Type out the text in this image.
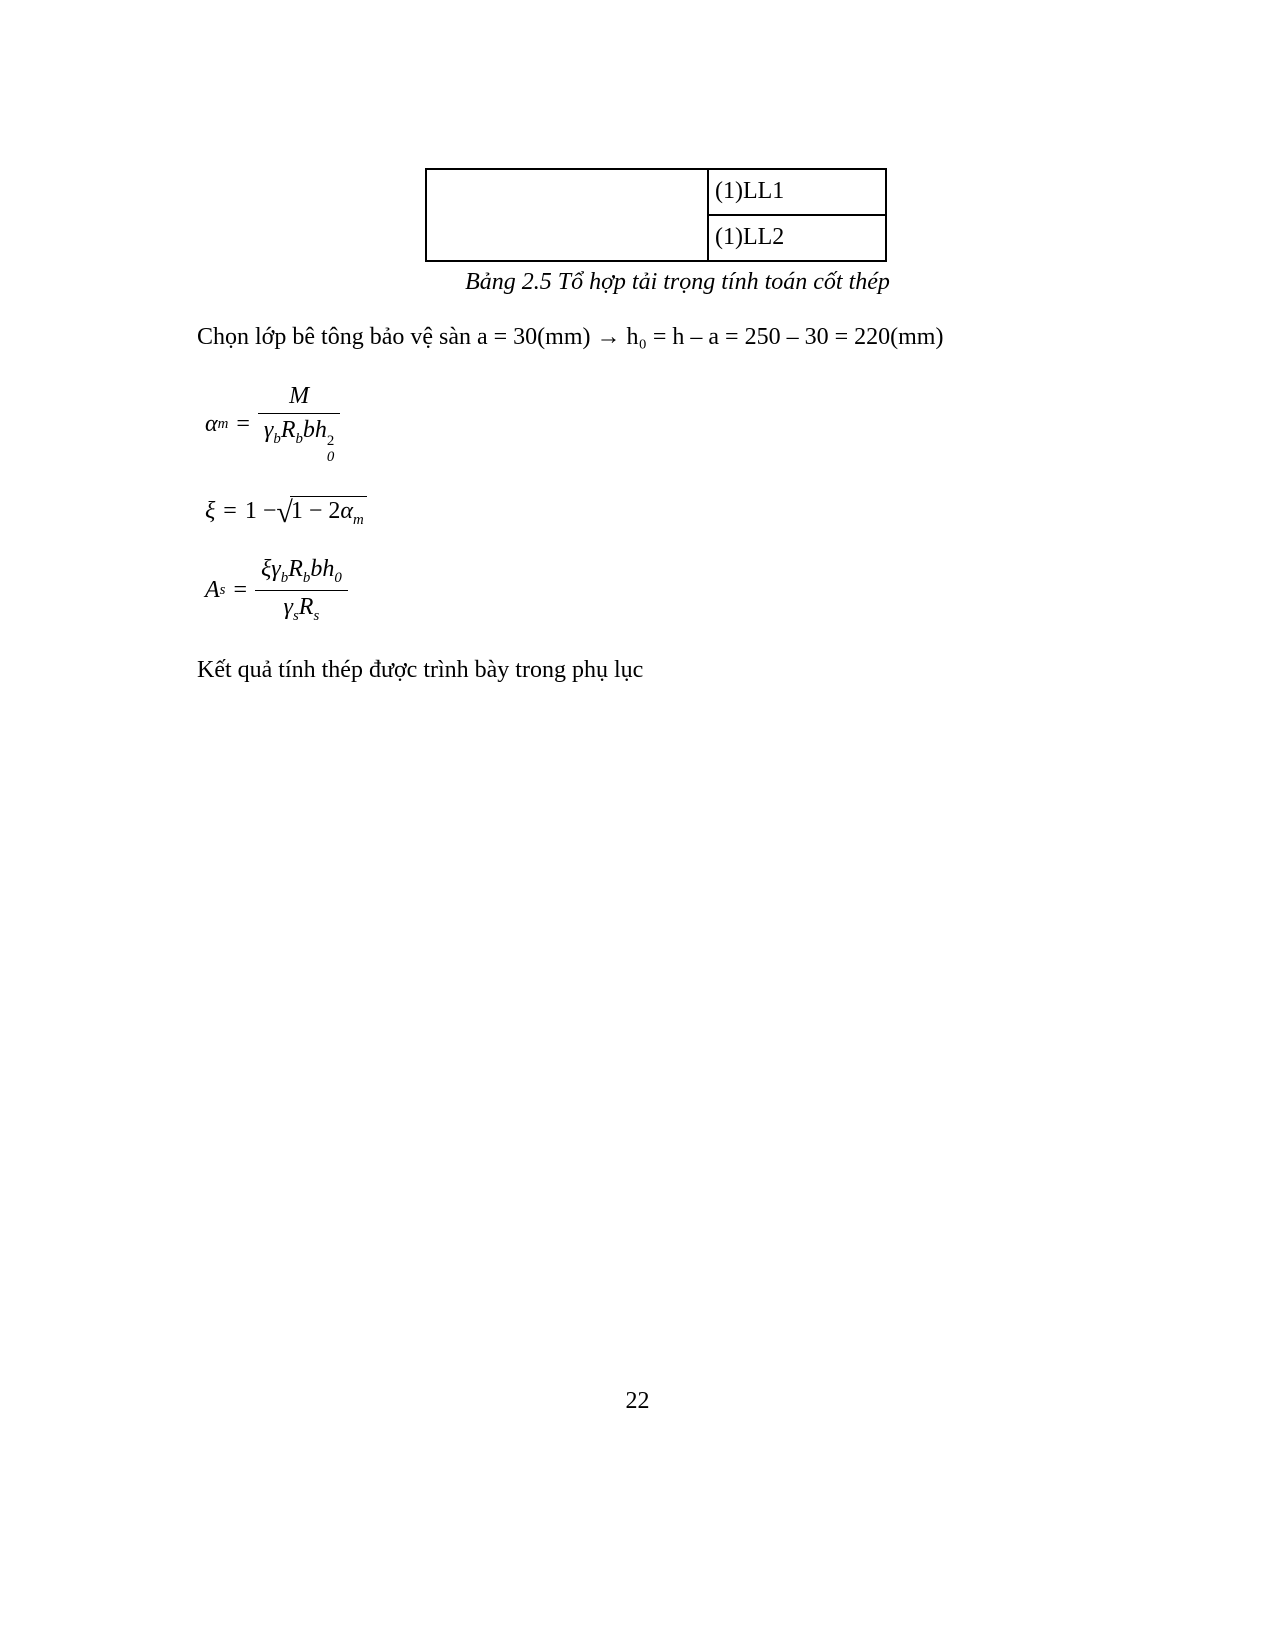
	(1)LL1
(1)LL2
Bảng 2.5 Tổ hợp tải trọng tính toán cốt thép

Chọn lớp bê tông bảo vệ sàn a = 30(mm) → h₀ = h – a = 250 – 30 = 220(mm)

α m = M
$\gamma_bR_bbh$ 2
0
ξ = 1 − √
$1 - 2\alpha_m$
A $s = \frac{\xi\gamma_bR_bbh_0}{\gamma_sR_s}$

Kết quả tính thép được trình bày trong phụ lục

22
